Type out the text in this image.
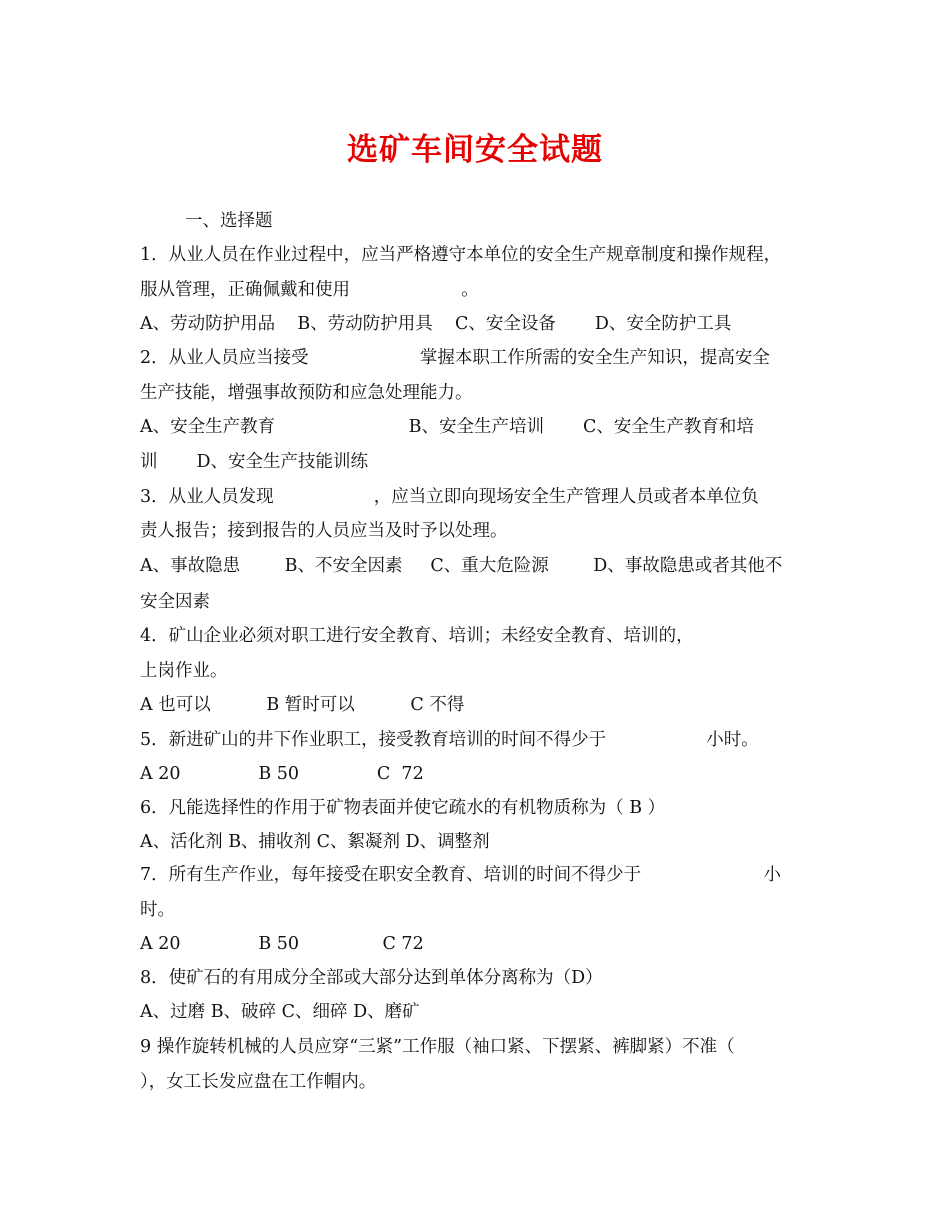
选矿车间安全试题
一、选择题
1．从业人员在作业过程中，应当严格遵守本单位的安全生产规章制度和操作规程，
服从管理，正确佩戴和使用                    。
A、劳动防护用品    B、劳动防护用具    C、安全设备       D、安全防护工具
2．从业人员应当接受                    掌握本职工作所需的安全生产知识，提高安全
生产技能，增强事故预防和应急处理能力。
A、安全生产教育                        B、安全生产培训       C、安全生产教育和培
训       D、安全生产技能训练
3．从业人员发现                  ，应当立即向现场安全生产管理人员或者本单位负
责人报告；接到报告的人员应当及时予以处理。
A、事故隐患        B、不安全因素     C、重大危险源        D、事故隐患或者其他不
安全因素
4．矿山企业必须对职工进行安全教育、培训；未经安全教育、培训的，
上岗作业。
A 也可以          B 暂时可以          C 不得
5．新进矿山的井下作业职工，接受教育培训的时间不得少于                  小时。
A 20              B 50              C  72
6．凡能选择性的作用于矿物表面并使它疏水的有机物质称为（ B ）
A、活化剂 B、捕收剂 C、絮凝剂 D、调整剂
7．所有生产作业，每年接受在职安全教育、培训的时间不得少于                      小
时。
A 20              B 50               C 72
8．使矿石的有用成分全部或大部分达到单体分离称为（D）
A、过磨 B、破碎 C、细碎 D、磨矿
9 操作旋转机械的人员应穿“三紧”工作服（袖口紧、下摆紧、裤脚紧）不准（
），女工长发应盘在工作帽内。
